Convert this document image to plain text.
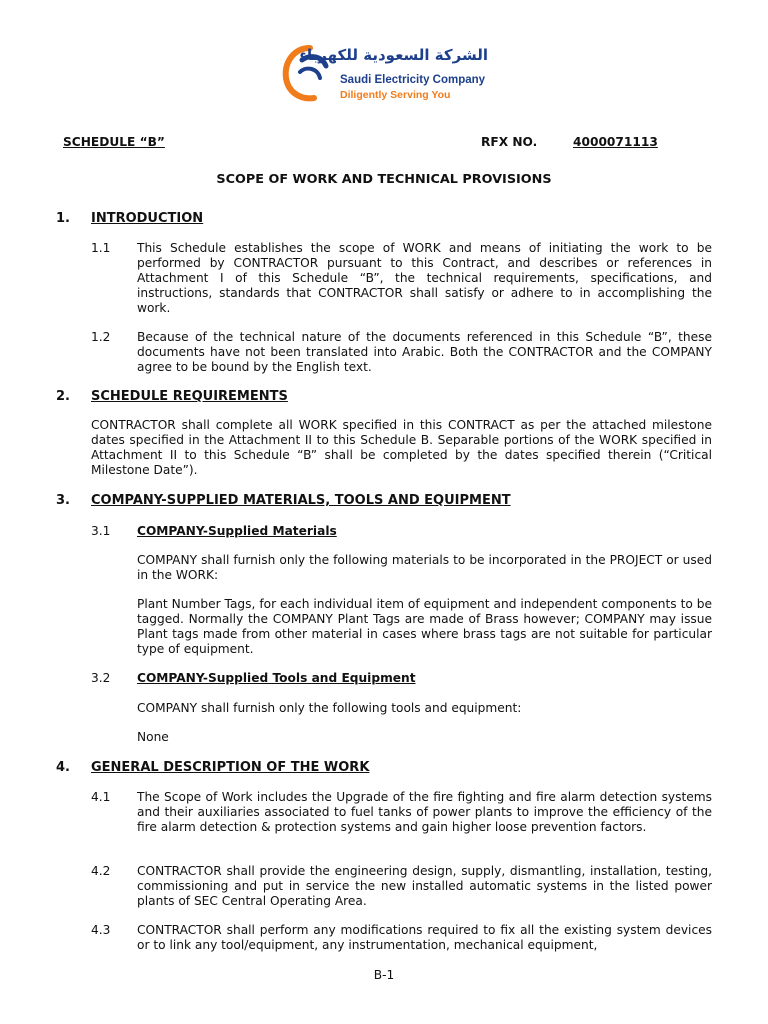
الشركة السعودية للكهرباء
Saudi Electricity Company
Diligently Serving You
SCHEDULE “B”	RFX NO.	4000071113
SCOPE OF WORK AND TECHNICAL PROVISIONS
1. INTRODUCTION
1.1 This Schedule establishes the scope of WORK and means of initiating the work to be performed by CONTRACTOR pursuant to this Contract, and describes or references in Attachment I of this Schedule “B”, the technical requirements, specifications, and instructions, standards that CONTRACTOR shall satisfy or adhere to in accomplishing the work.
1.2 Because of the technical nature of the documents referenced in this Schedule “B”, these documents have not been translated into Arabic. Both the CONTRACTOR and the COMPANY agree to be bound by the English text.
2. SCHEDULE REQUIREMENTS
CONTRACTOR shall complete all WORK specified in this CONTRACT as per the attached milestone dates specified in the Attachment II to this Schedule B. Separable portions of the WORK specified in Attachment II to this Schedule “B” shall be completed by the dates specified therein (“Critical Milestone Date”).
3. COMPANY-SUPPLIED MATERIALS, TOOLS AND EQUIPMENT
3.1 COMPANY-Supplied Materials
COMPANY shall furnish only the following materials to be incorporated in the PROJECT or used in the WORK:
Plant Number Tags, for each individual item of equipment and independent components to be tagged. Normally the COMPANY Plant Tags are made of Brass however; COMPANY may issue Plant tags made from other material in cases where brass tags are not suitable for particular type of equipment.
3.2 COMPANY-Supplied Tools and Equipment
COMPANY shall furnish only the following tools and equipment:
None
4. GENERAL DESCRIPTION OF THE WORK
4.1 The Scope of Work includes the Upgrade of the fire fighting and fire alarm detection systems and their auxiliaries associated to fuel tanks of power plants to improve the efficiency of the fire alarm detection & protection systems and gain higher loose prevention factors.
4.2 CONTRACTOR shall provide the engineering design, supply, dismantling, installation, testing, commissioning and put in service the new installed automatic systems in the listed power plants of SEC Central Operating Area.
4.3 CONTRACTOR shall perform any modifications required to fix all the existing system devices or to link any tool/equipment, any instrumentation, mechanical equipment,
B-1
